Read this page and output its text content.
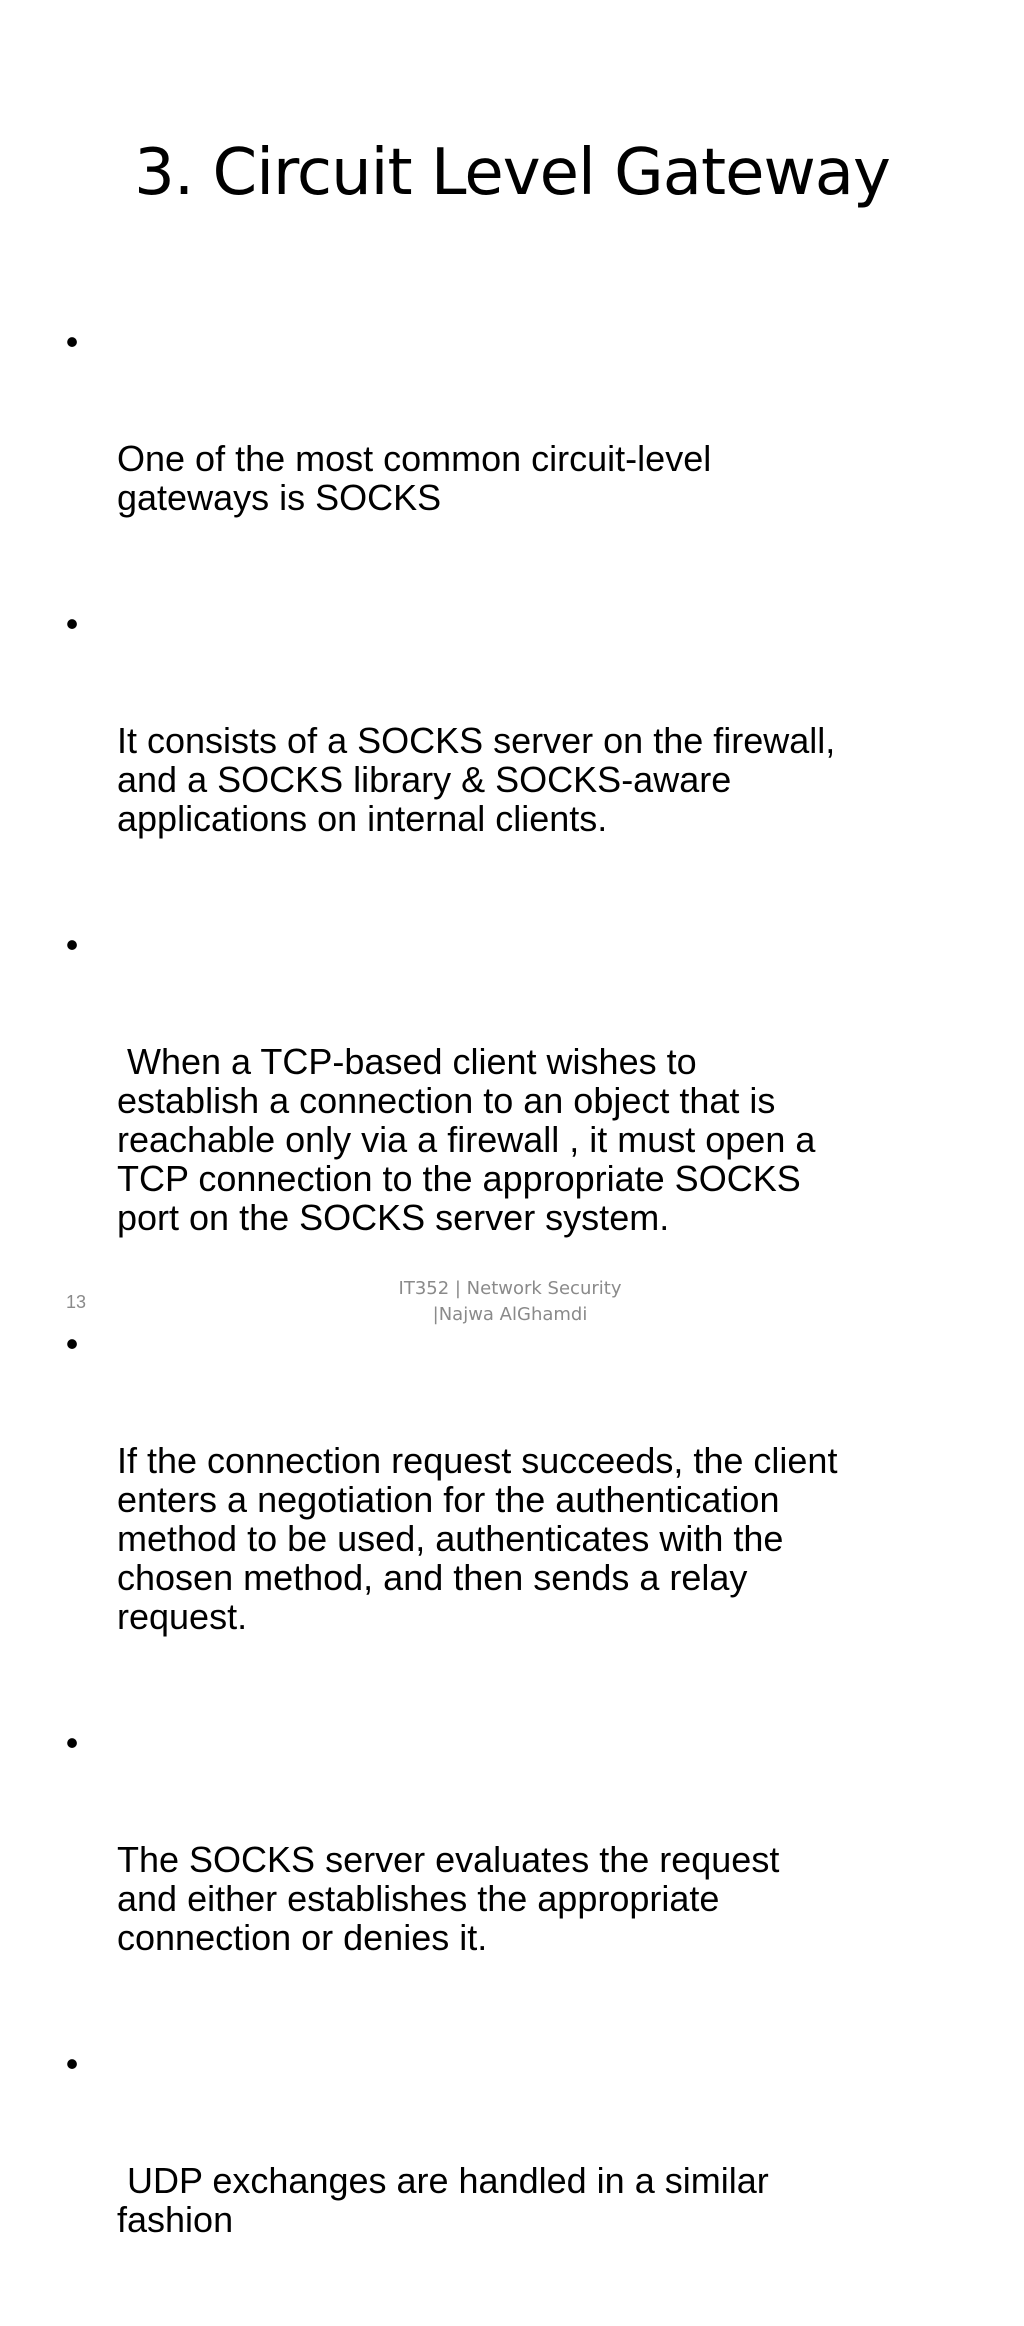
3. Circuit Level Gateway

•

One of the most common circuit-level
gateways is SOCKS

•

It consists of a SOCKS server on the firewall,
and a SOCKS library & SOCKS-aware
applications on internal clients.

•

When a TCP-based client wishes to
establish a connection to an object that is
reachable only via a firewall , it must open a
TCP connection to the appropriate SOCKS
port on the SOCKS server system.

•

If the connection request succeeds, the client
enters a negotiation for the authentication
method to be used, authenticates with the
chosen method, and then sends a relay
request.

•

The SOCKS server evaluates the request
and either establishes the appropriate
connection or denies it.

•

UDP exchanges are handled in a similar
fashion

13
IT352 | Network Security
|Najwa AlGhamdi
